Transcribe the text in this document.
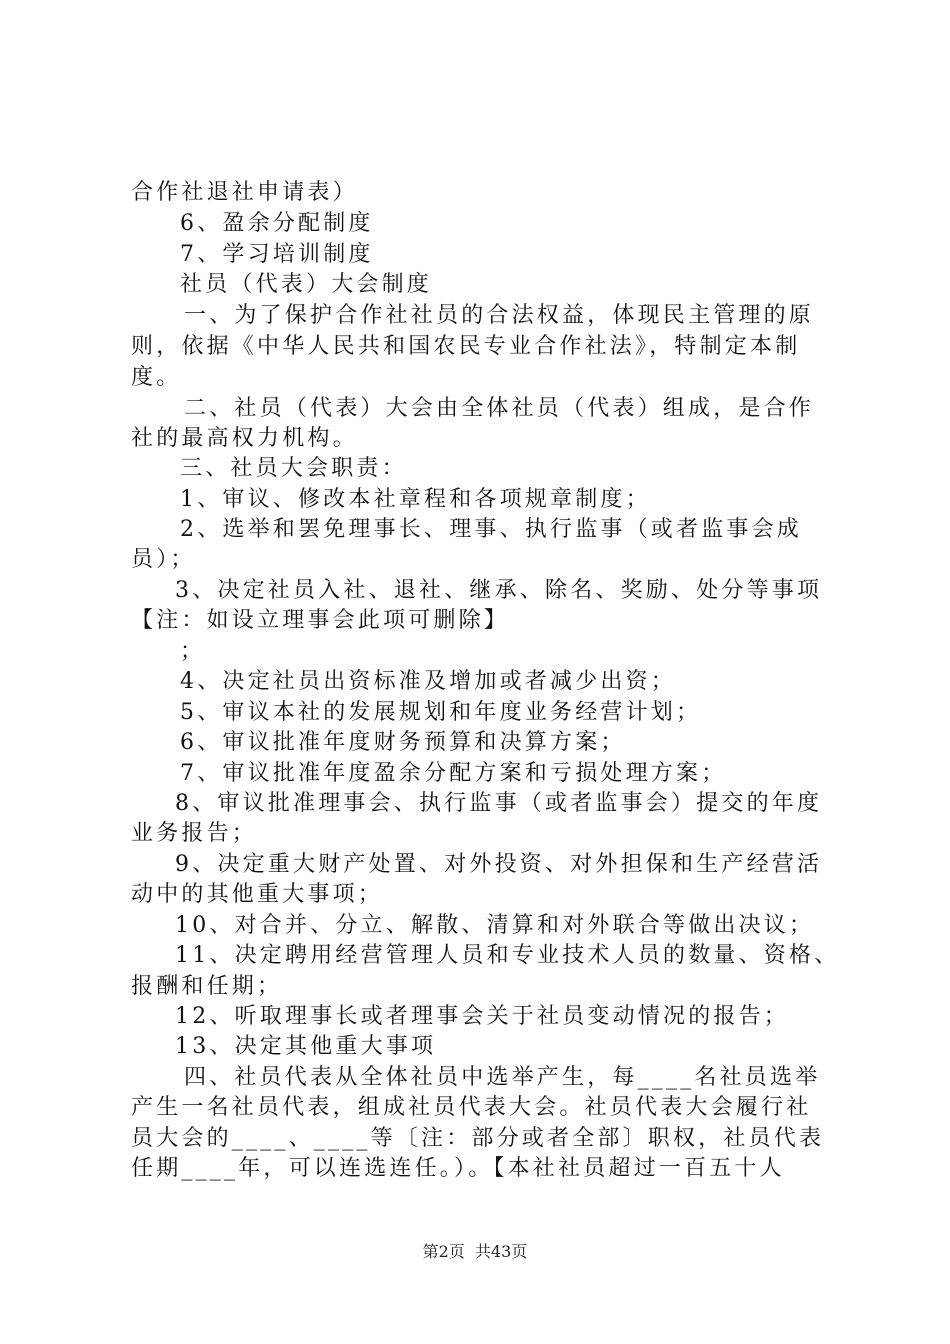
合作社退社申请表）
6、盈余分配制度
7、学习培训制度
社员（代表）大会制度
一、为了保护合作社社员的合法权益，体现民主管理的原
则，依据《中华人民共和国农民专业合作社法》，特制定本制
度。
二、社员（代表）大会由全体社员（代表）组成，是合作
社的最高权力机构。
三、社员大会职责：
1、审议、修改本社章程和各项规章制度；
2、选举和罢免理事长、理事、执行监事（或者监事会成
员）；
3、决定社员入社、退社、继承、除名、奖励、处分等事项
【注：如设立理事会此项可删除】
；
4、决定社员出资标准及增加或者减少出资；
5、审议本社的发展规划和年度业务经营计划；
6、审议批准年度财务预算和决算方案；
7、审议批准年度盈余分配方案和亏损处理方案；
8、审议批准理事会、执行监事（或者监事会）提交的年度
业务报告；
9、决定重大财产处置、对外投资、对外担保和生产经营活
动中的其他重大事项；
10、对合并、分立、解散、清算和对外联合等做出决议；
11、决定聘用经营管理人员和专业技术人员的数量、资格、
报酬和任期；
12、听取理事长或者理事会关于社员变动情况的报告；
13、决定其他重大事项
四、社员代表从全体社员中选举产生，每____名社员选举
产生一名社员代表，组成社员代表大会。社员代表大会履行社
员大会的____、____等〔注：部分或者全部〕职权，社员代表
任期____年，可以连选连任。）。【本社社员超过一百五十人
第2页  共43页
